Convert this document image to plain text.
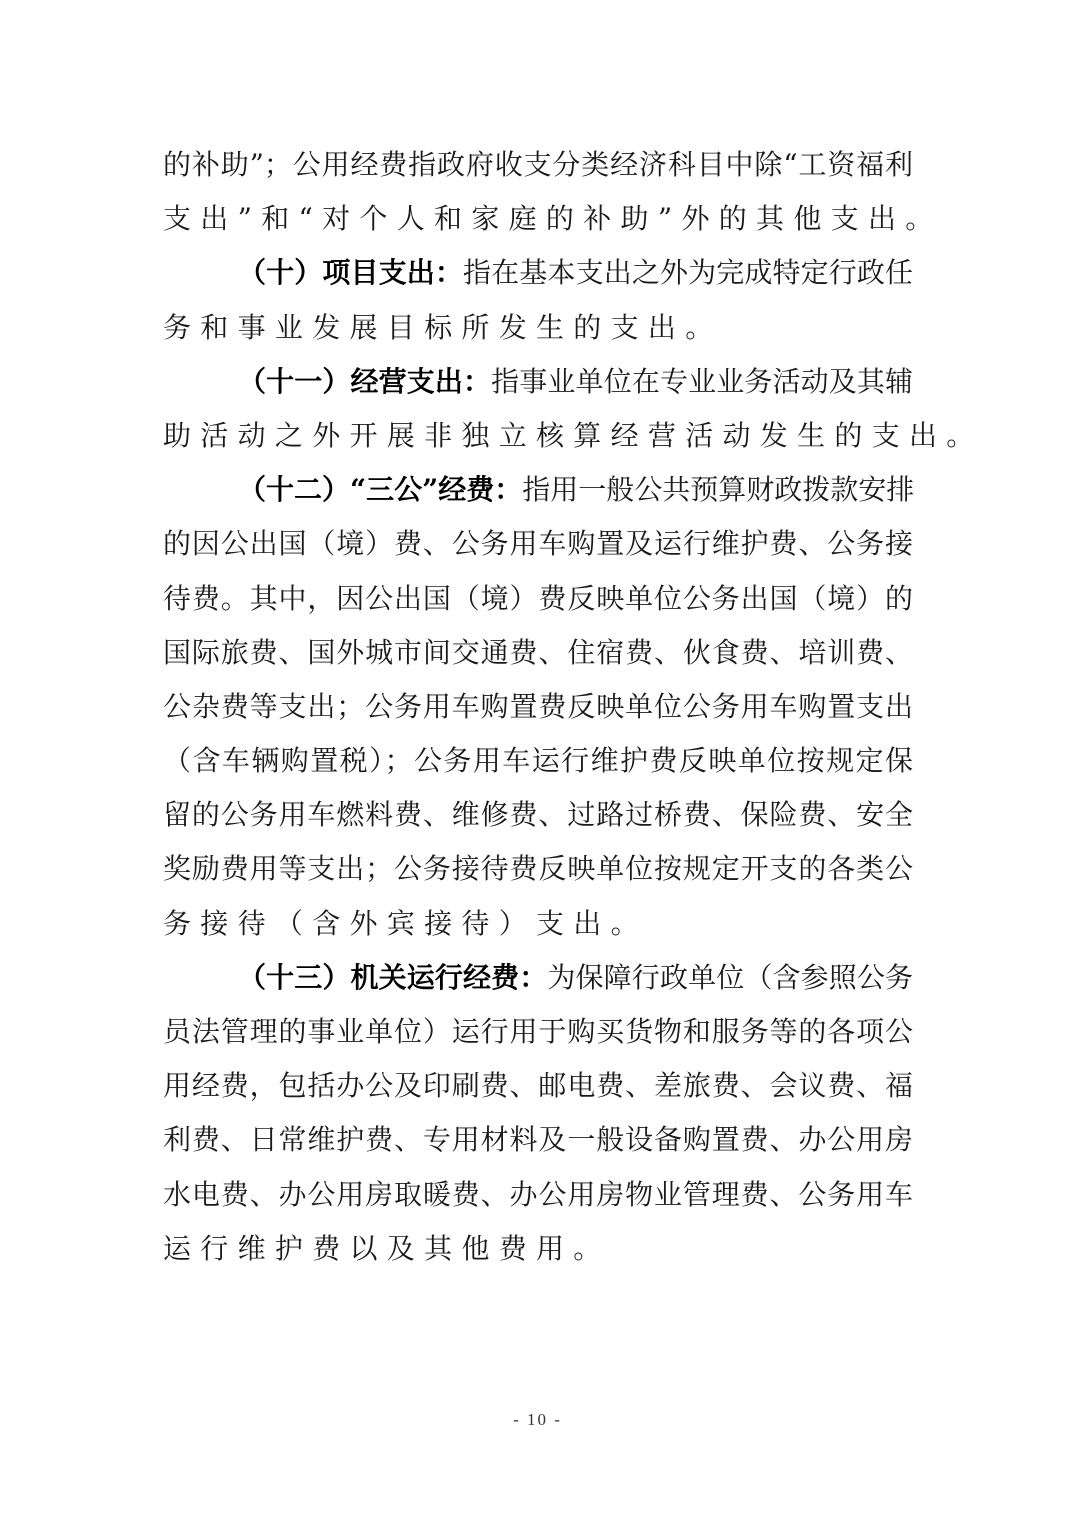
的补助”；公用经费指政府收支分类经济科目中除“工资福利
支出”和“对个人和家庭的补助”外的其他支出。
（十）项目支出：指在基本支出之外为完成特定行政任
务和事业发展目标所发生的支出。
（十一）经营支出：指事业单位在专业业务活动及其辅
助活动之外开展非独立核算经营活动发生的支出。
（十二）“三公”经费：指用一般公共预算财政拨款安排
的因公出国（境）费、公务用车购置及运行维护费、公务接
待费。其中，因公出国（境）费反映单位公务出国（境）的
国际旅费、国外城市间交通费、住宿费、伙食费、培训费、
公杂费等支出；公务用车购置费反映单位公务用车购置支出
（含车辆购置税）；公务用车运行维护费反映单位按规定保
留的公务用车燃料费、维修费、过路过桥费、保险费、安全
奖励费用等支出；公务接待费反映单位按规定开支的各类公
务接待（含外宾接待）支出。
（十三）机关运行经费：为保障行政单位（含参照公务
员法管理的事业单位）运行用于购买货物和服务等的各项公
用经费，包括办公及印刷费、邮电费、差旅费、会议费、福
利费、日常维护费、专用材料及一般设备购置费、办公用房
水电费、办公用房取暖费、办公用房物业管理费、公务用车
运行维护费以及其他费用。
- 10 -
